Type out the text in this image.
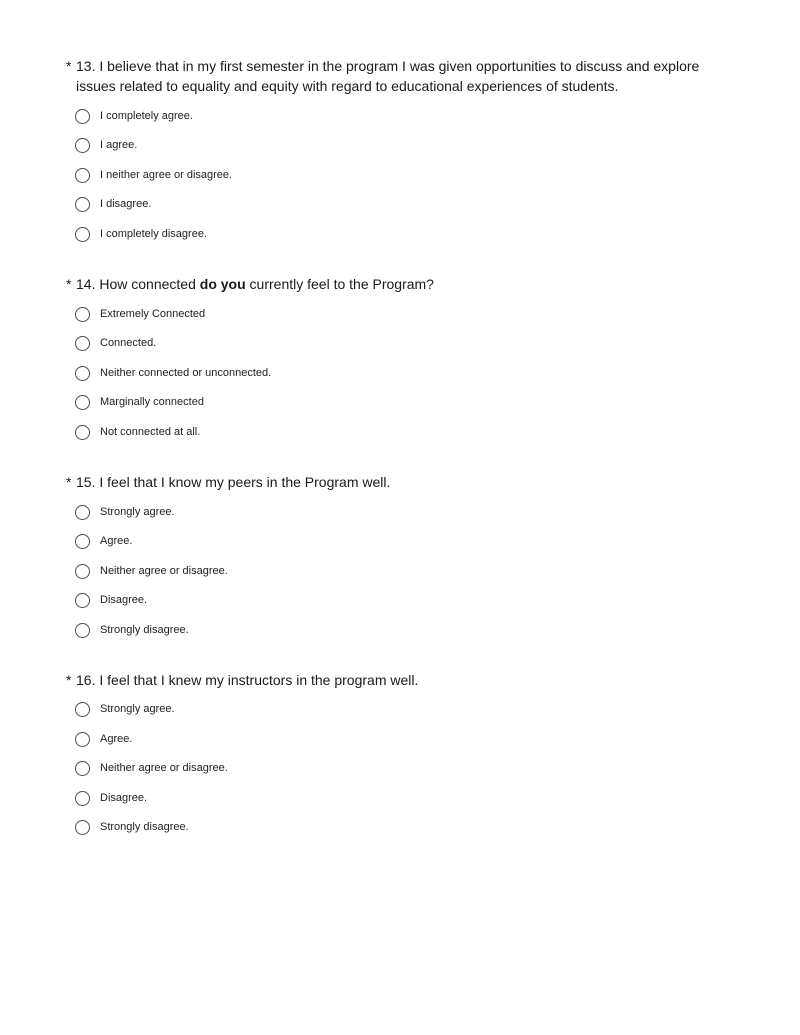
* 13. I believe that in my first semester in the program I was given opportunities to discuss and explore
issues related to equality and equity with regard to educational experiences of students.
I completely agree.
I agree.
I neither agree or disagree.
I disagree.
I completely disagree.
* 14. How connected do you currently feel to the Program?
Extremely Connected
Connected.
Neither connected or unconnected.
Marginally connected
Not connected at all.
* 15. I feel that I know my peers in the Program well.
Strongly agree.
Agree.
Neither agree or disagree.
Disagree.
Strongly disagree.
* 16. I feel that I knew my instructors in the program well.
Strongly agree.
Agree.
Neither agree or disagree.
Disagree.
Strongly disagree.
